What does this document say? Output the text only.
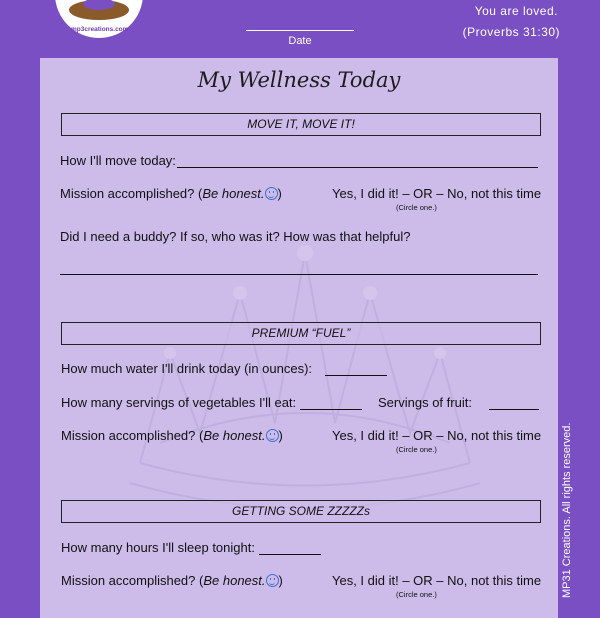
mp3creations.com
Date
You are loved.
(Proverbs 31:30)
My Wellness Today
MOVE IT, MOVE IT!
How I'll move today:
Mission accomplished? (Be honest. )	Yes, I did it! – OR – No, not this time
(Circle one.)
Did I need a buddy? If so, who was it? How was that helpful?
PREMIUM “FUEL”
How much water I'll drink today (in ounces):
How many servings of vegetables I'll eat:	Servings of fruit:
Mission accomplished? (Be honest. )	Yes, I did it! – OR – No, not this time
(Circle one.)
GETTING SOME ZZZZZs
How many hours I'll sleep tonight:
Mission accomplished? (Be honest. )	Yes, I did it! – OR – No, not this time
(Circle one.)	MP31 Creations. All rights reserved.
